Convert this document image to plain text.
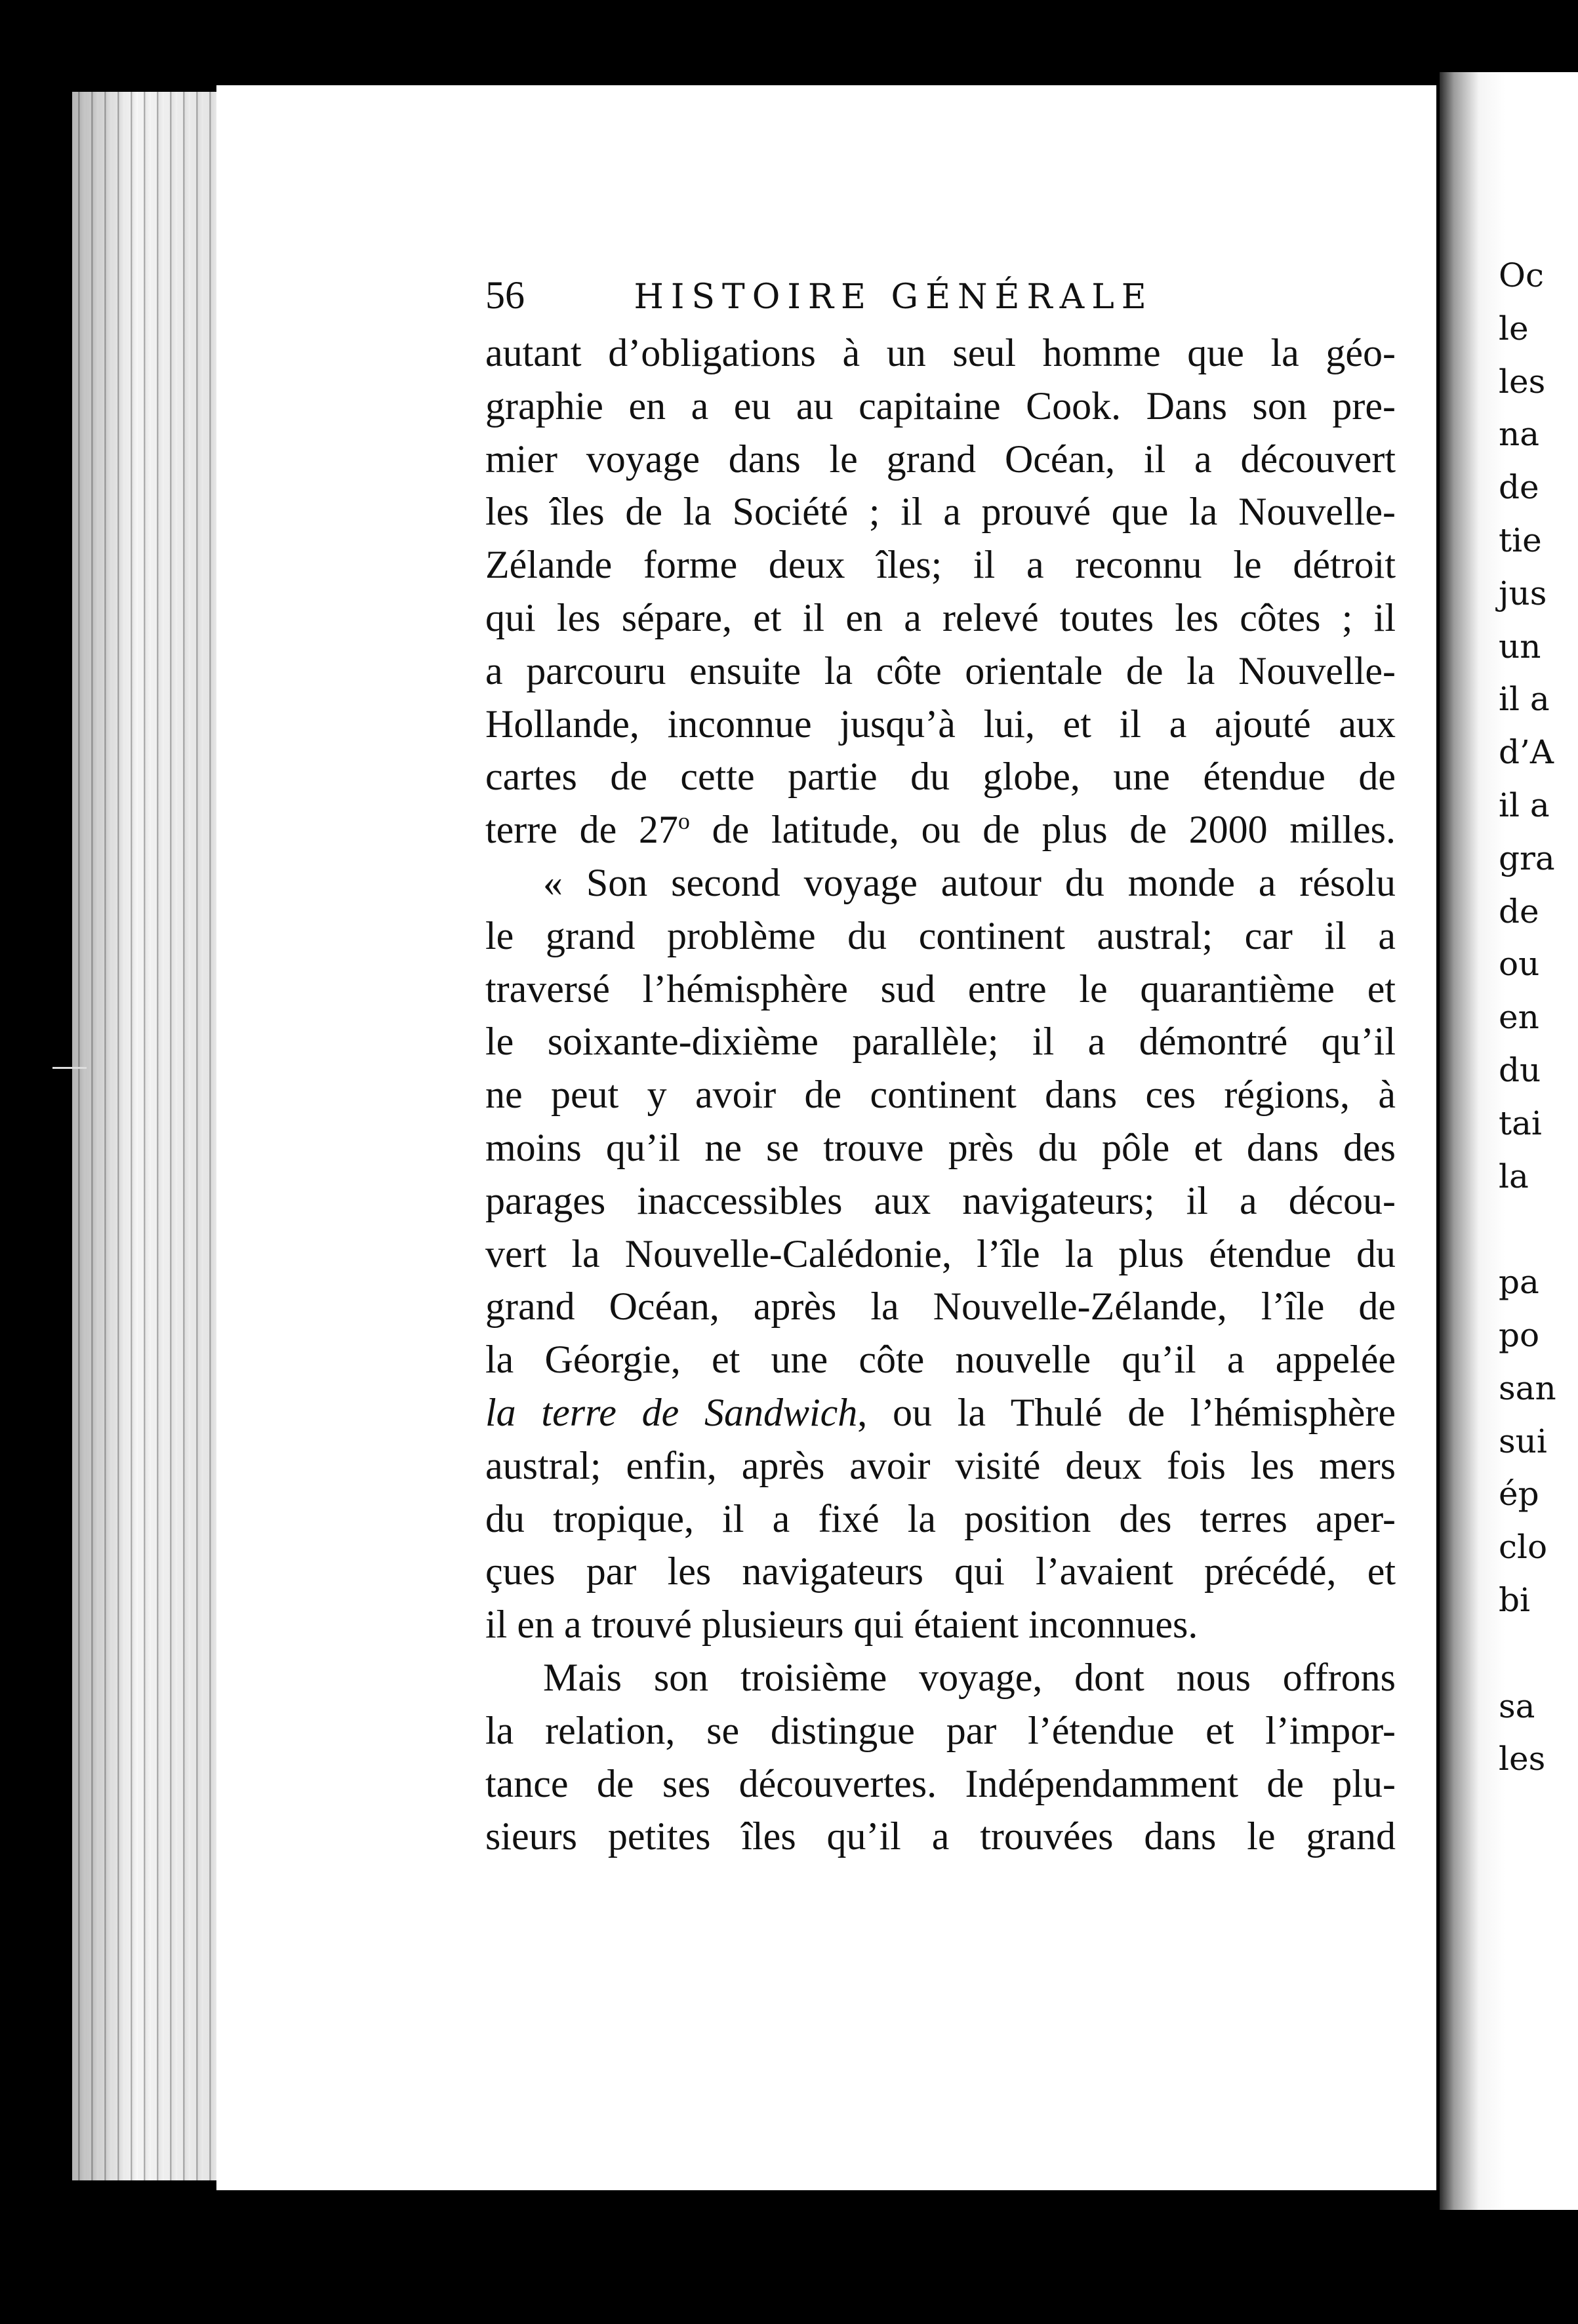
Oc
le
les
na
de
tie
jus
un
il a
d’A
il a
gra
de
ou
en
du
tai
la
pa
po
san
sui
ép
clo
bi
sa
les
56	HISTOIRE GÉNÉRALE
autant d’obligations à un seul homme que la géo-
graphie en a eu au capitaine Cook. Dans son pre-
mier voyage dans le grand Océan, il a découvert
les îles de la Société ; il a prouvé que la Nouvelle-
Zélande forme deux îles; il a reconnu le détroit
qui les sépare, et il en a relevé toutes les côtes ; il
a parcouru ensuite la côte orientale de la Nouvelle-
Hollande, inconnue jusqu’à lui, et il a ajouté aux
cartes de cette partie du globe, une étendue de
terre de 27$^o$ de latitude, ou de plus de 2000 milles.
« Son second voyage autour du monde a résolu
le grand problème du continent austral; car il a
traversé l’hémisphère sud entre le quarantième et
le soixante-dixième parallèle; il a démontré qu’il
ne peut y avoir de continent dans ces régions, à
moins qu’il ne se trouve près du pôle et dans des
parages inaccessibles aux navigateurs; il a décou-
vert la Nouvelle-Calédonie, l’île la plus étendue du
grand Océan, après la Nouvelle-Zélande, l’île de
la Géorgie, et une côte nouvelle qu’il a appelée
la terre de Sandwich, ou la Thulé de l’hémisphère
austral; enfin, après avoir visité deux fois les mers
du tropique, il a fixé la position des terres aper-
çues par les navigateurs qui l’avaient précédé, et
il en a trouvé plusieurs qui étaient inconnues.
Mais son troisième voyage, dont nous offrons
la relation, se distingue par l’étendue et l’impor-
tance de ses découvertes. Indépendamment de plu-
sieurs petites îles qu’il a trouvées dans le grand
